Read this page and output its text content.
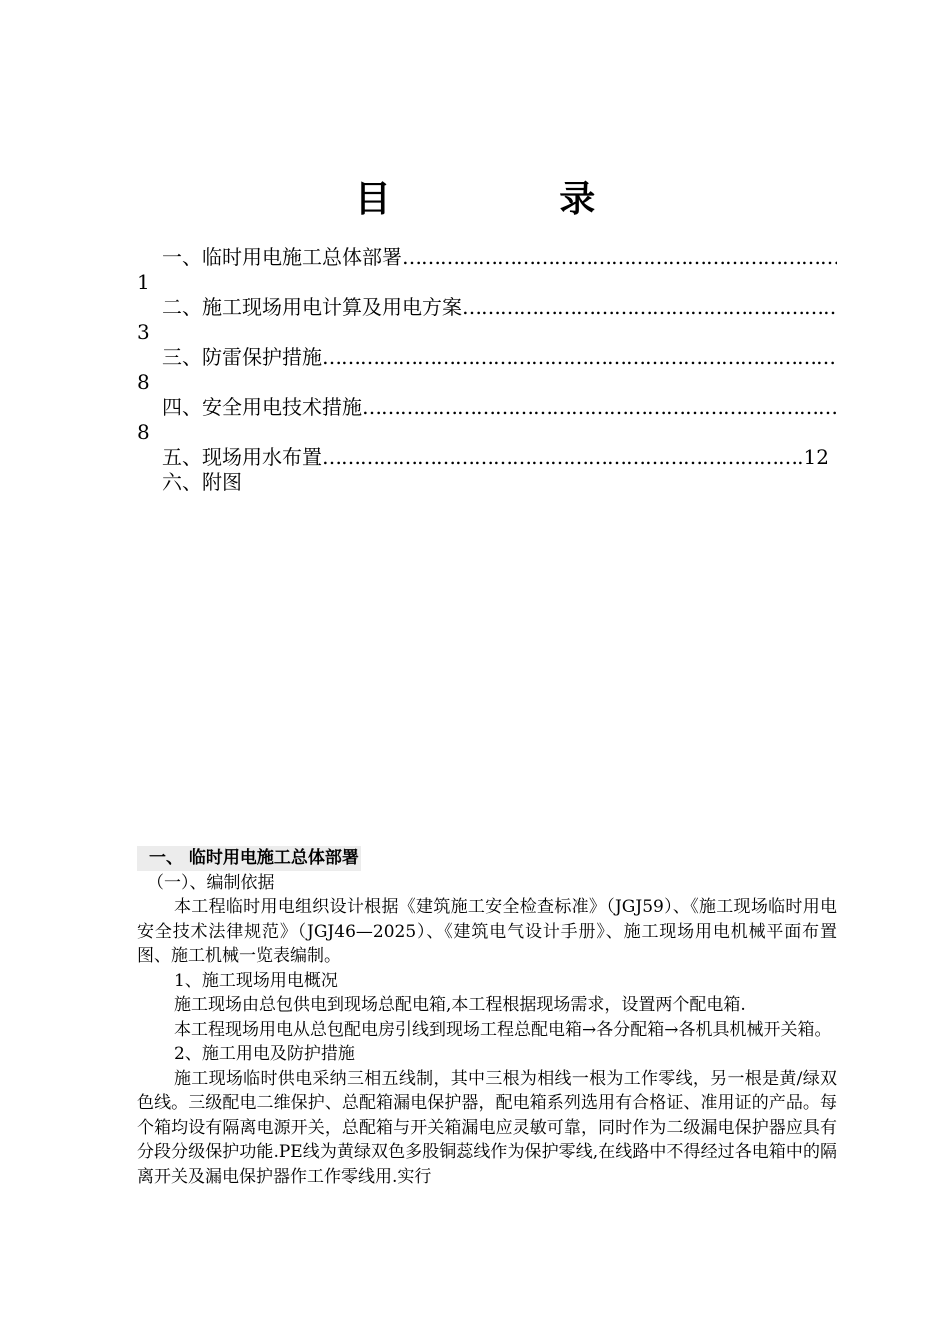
目 录
一、临时用电施工总体部署
…………………………………………………………………………………………………………………………
1
二、施工现场用电计算及用电方案
…………………………………………………………………………………………………………………………
3
三、防雷保护措施
…………………………………………………………………………………………………………………………
8
四、安全用电技术措施
…………………………………………………………………………………………………………………………
8
五、现场用水布置
…………………………………………………………………………………………………………………………	12
六、附图
一、 临时用电施工总体部署
（一）、编制依据

本工程临时用电组织设计根据《建筑施工安全检查标准》（JGJ59）、《施工现场临时用电安全技术法律规范》（JGJ46—2025）、《建筑电气设计手册》、施工现场用电机械平面布置图、施工机械一览表编制。

1、施工现场用电概况

施工现场由总包供电到现场总配电箱,本工程根据现场需求，设置两个配电箱.

本工程现场用电从总包配电房引线到现场工程总配电箱→各分配箱→各机具机械开关箱。

2、施工用电及防护措施

施工现场临时供电采纳三相五线制，其中三根为相线一根为工作零线，另一根是黄/绿双色线。三级配电二维保护、总配箱漏电保护器，配电箱系列选用有合格证、准用证的产品。每个箱均设有隔离电源开关，总配箱与开关箱漏电应灵敏可靠，同时作为二级漏电保护器应具有分段分级保护功能.PE线为黄绿双色多股铜蕊线作为保护零线,在线路中不得经过各电箱中的隔离开关及漏电保护器作工作零线用.实行
